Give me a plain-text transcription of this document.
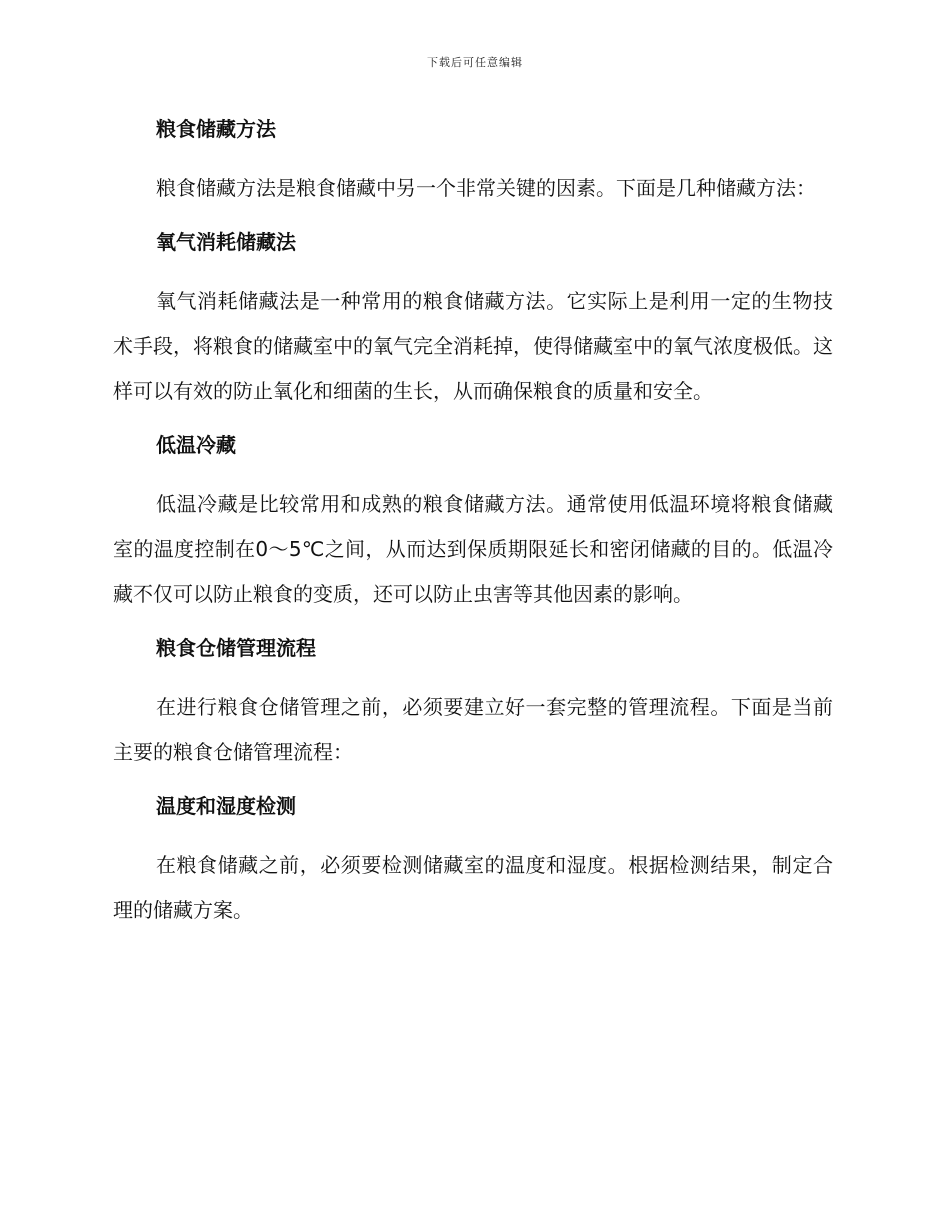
下载后可任意编辑
粮食储藏方法

粮食储藏方法是粮食储藏中另一个非常关键的因素。下面是几种储藏方法：

氧气消耗储藏法

氧气消耗储藏法是一种常用的粮食储藏方法。它实际上是利用一定的生物技术手段，将粮食的储藏室中的氧气完全消耗掉，使得储藏室中的氧气浓度极低。这样可以有效的防止氧化和细菌的生长，从而确保粮食的质量和安全。

低温冷藏

低温冷藏是比较常用和成熟的粮食储藏方法。通常使用低温环境将粮食储藏室的温度控制在0～5℃之间，从而达到保质期限延长和密闭储藏的目的。低温冷藏不仅可以防止粮食的变质，还可以防止虫害等其他因素的影响。

粮食仓储管理流程

在进行粮食仓储管理之前，必须要建立好一套完整的管理流程。下面是当前主要的粮食仓储管理流程：

温度和湿度检测

在粮食储藏之前，必须要检测储藏室的温度和湿度。根据检测结果，制定合理的储藏方案。
